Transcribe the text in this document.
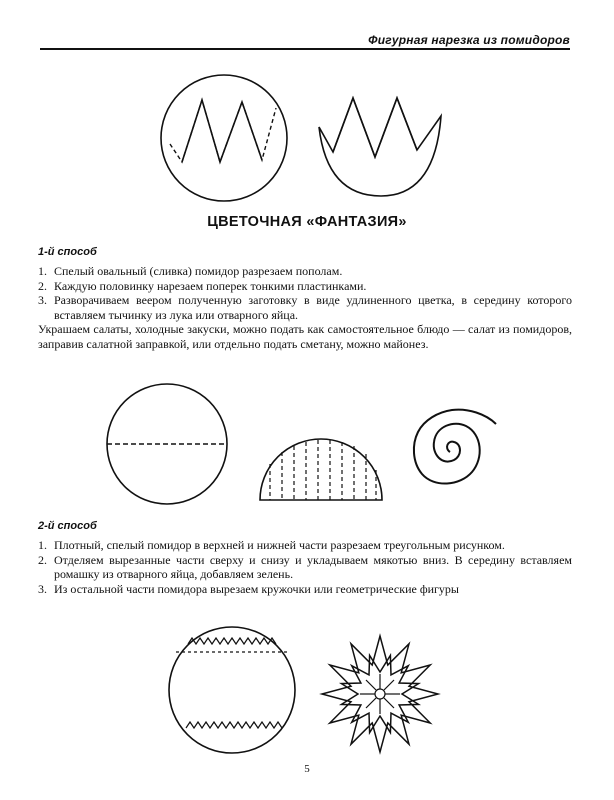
Фигурная нарезка из помидоров
ЦВЕТОЧНАЯ «ФАНТАЗИЯ»
1-й способ
1. Спелый овальный (сливка) помидор разрезаем пополам.
2. Каждую половинку нарезаем поперек тонкими пластинками.
3. Разворачиваем веером полученную заготовку в виде удлиненного цветка, в середину которого вставляем тычинку из лука или отварного яйца.

Украшаем салаты, холодные закуски, можно подать как самостоятельное блюдо — салат из помидоров, заправив салатной заправкой, или отдельно подать сметану, можно майонез.

2-й способ
1. Плотный, спелый помидор в верхней и нижней части разрезаем треугольным рисунком.
2. Отделяем вырезанные части сверху и снизу и укладываем мякотью вниз. В середину вставляем ромашку из отварного яйца, добавляем зелень.
3. Из остальной части помидора вырезаем кружочки или геометрические фигуры
5
